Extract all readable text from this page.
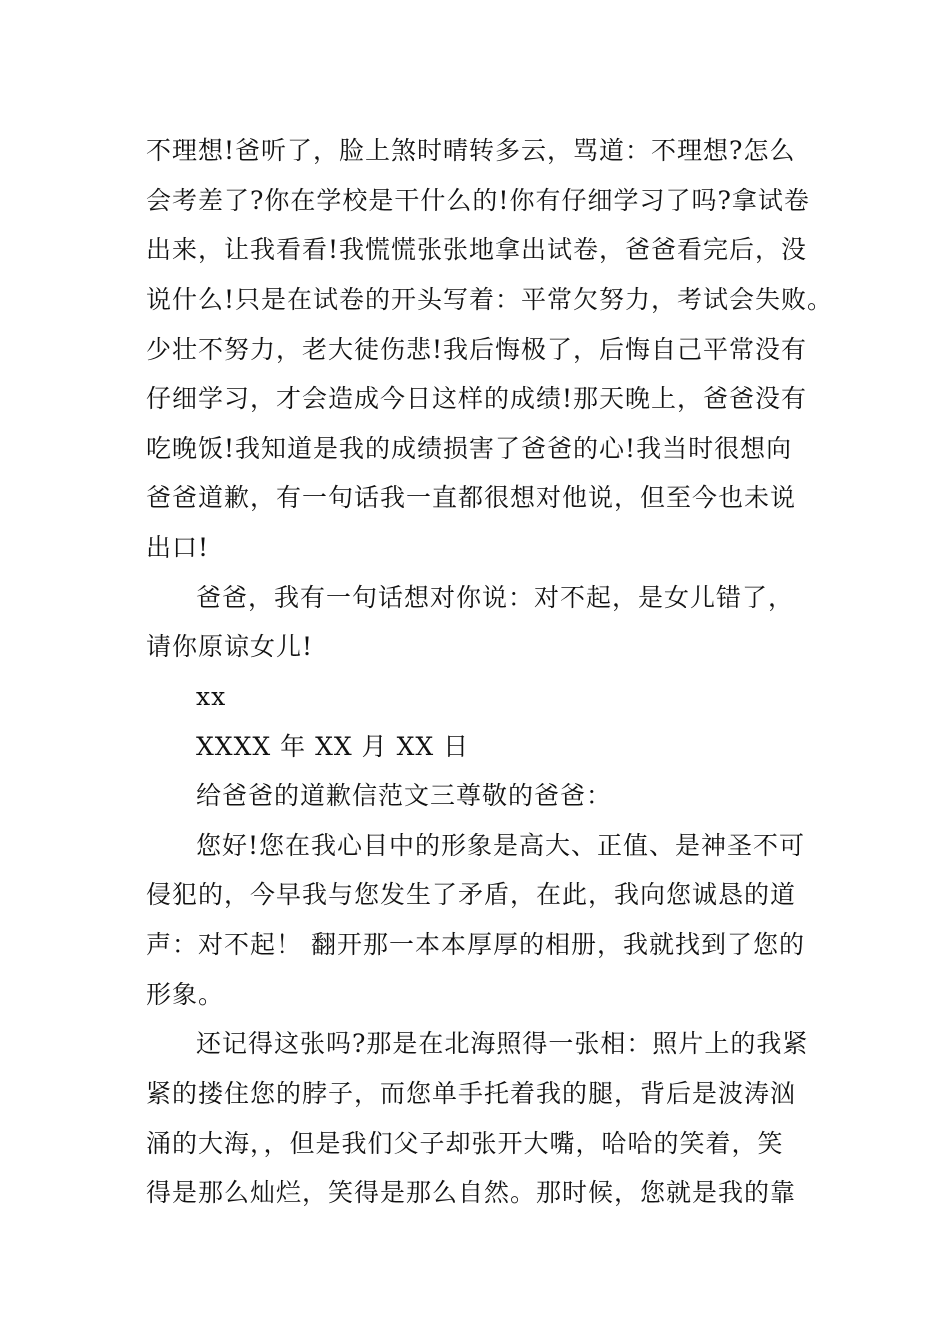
不理想!爸听了，脸上煞时晴转多云，骂道：不理想?怎么
会考差了?你在学校是干什么的!你有仔细学习了吗?拿试卷
出来，让我看看!我慌慌张张地拿出试卷，爸爸看完后，没
说什么!只是在试卷的开头写着：平常欠努力，考试会失败。
少壮不努力，老大徒伤悲!我后悔极了，后悔自己平常没有
仔细学习，才会造成今日这样的成绩!那天晚上，爸爸没有
吃晚饭!我知道是我的成绩损害了爸爸的心!我当时很想向
爸爸道歉，有一句话我一直都很想对他说，但至今也未说
出口!
爸爸，我有一句话想对你说：对不起，是女儿错了，
请你原谅女儿!
xx
XXXX 年 XX 月 XX 日
给爸爸的道歉信范文三尊敬的爸爸：
您好!您在我心目中的形象是高大、正值、是神圣不可
侵犯的，今早我与您发生了矛盾，在此，我向您诚恳的道
声：对不起！ 翻开那一本本厚厚的相册，我就找到了您的
形象。
还记得这张吗?那是在北海照得一张相：照片上的我紧
紧的搂住您的脖子，而您单手托着我的腿，背后是波涛汹
涌的大海，，但是我们父子却张开大嘴，哈哈的笑着，笑
得是那么灿烂，笑得是那么自然。那时候，您就是我的靠
